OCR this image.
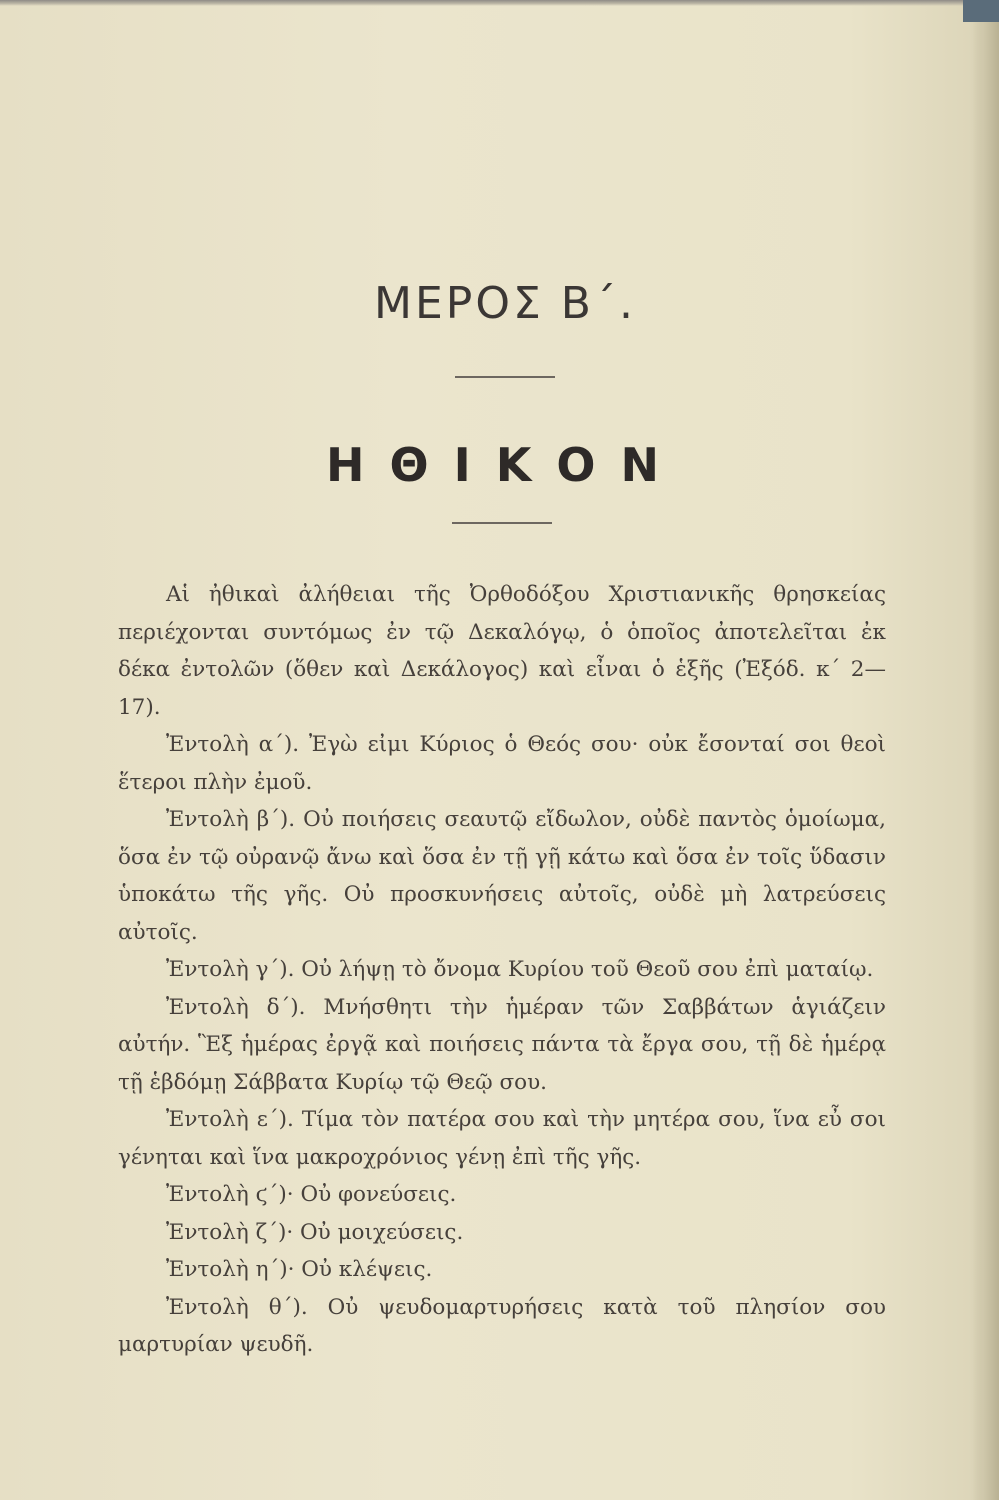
ΜΕΡΟΣ Β΄.
ΗΘΙΚΟΝ

Αἱ ἠθικαὶ ἀλήθειαι τῆς Ὀρθοδόξου Χριστιανικῆς θρησκείας περιέχονται συντόμως ἐν τῷ Δεκαλόγῳ, ὁ ὁποῖος ἀποτελεῖται ἐκ δέκα ἐντολῶν (ὅθεν καὶ Δεκάλογος) καὶ εἶναι ὁ ἑξῆς (Ἐξόδ. κ΄ 2—17).

Ἐντολὴ α΄). Ἐγὼ εἰμι Κύριος ὁ Θεός σου· οὐκ ἔσονταί σοι θεοὶ ἕτεροι πλὴν ἐμοῦ.

Ἐντολὴ β΄). Οὐ ποιήσεις σεαυτῷ εἴδωλον, οὐδὲ παντὸς ὁμοίωμα, ὅσα ἐν τῷ οὐρανῷ ἄνω καὶ ὅσα ἐν τῇ γῇ κάτω καὶ ὅσα ἐν τοῖς ὕδασιν ὑποκάτω τῆς γῆς. Οὐ προσκυνήσεις αὐτοῖς, οὐδὲ μὴ λατρεύσεις αὐτοῖς.

Ἐντολὴ γ΄). Οὐ λήψῃ τὸ ὄνομα Κυρίου τοῦ Θεοῦ σου ἐπὶ ματαίῳ.

Ἐντολὴ δ΄). Μνήσθητι τὴν ἡμέραν τῶν Σαββάτων ἁγιάζειν αὐτήν. Ἓξ ἡμέρας ἐργᾷ καὶ ποιήσεις πάντα τὰ ἔργα σου, τῇ δὲ ἡμέρᾳ τῇ ἑβδόμῃ Σάββατα Κυρίῳ τῷ Θεῷ σου.

Ἐντολὴ ε΄). Τίμα τὸν πατέρα σου καὶ τὴν μητέρα σου, ἵνα εὖ σοι γένηται καὶ ἵνα μακροχρόνιος γένῃ ἐπὶ τῆς γῆς.

Ἐντολὴ ϛ΄)· Οὐ φονεύσεις.

Ἐντολὴ ζ΄)· Οὐ μοιχεύσεις.

Ἐντολὴ η΄)· Οὐ κλέψεις.

Ἐντολὴ θ΄). Οὐ ψευδομαρτυρήσεις κατὰ τοῦ πλησίον σου μαρτυρίαν ψευδῆ.
